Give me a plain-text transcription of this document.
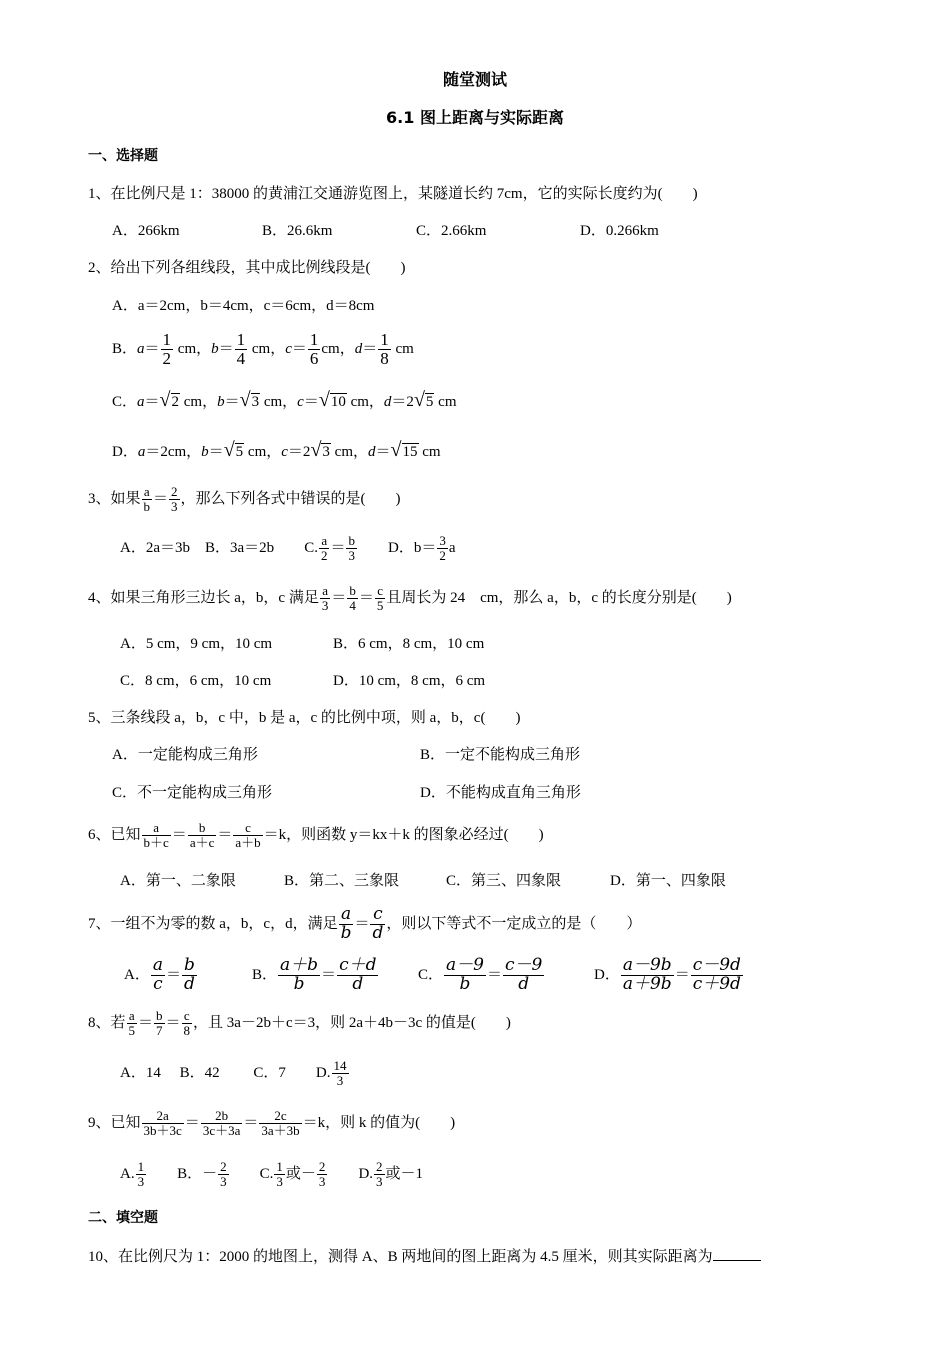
随堂测试
6.1 图上距离与实际距离
一、选择题
1、在比例尺是 1：38000 的黄浦江交通游览图上，某隧道长约 7cm，它的实际长度约为(　　)
A．266km	B．26.6km	C．2.66km	D．0.266km
2、给出下列各组线段，其中成比例线段是(　　)
A．a＝2cm，b＝4cm，c＝6cm，d＝8cm
B．$a= \frac{1}{2}$ cm，$b= \frac{1}{4}$ cm，$c= \frac{1}{6}$ cm，$d= \frac{1}{8}$ cm
C．a＝√2 cm，b＝√3 cm，c＝√10 cm，d＝2√5 cm
D．a＝2cm，b＝√5 cm，c＝2√3 cm，d＝√15 cm
3、如果 $\frac{a}{b} = \frac{2}{3}$ ，那么下列各式中错误的是(　　)
A．2a＝3b　 B．3a＝2b　　 C. $\frac{a}{2} = \frac{b}{3}$
　　 D．$b= \frac{3}{2}$ a
4、如果三角形三边长 a，b，c 满足 $\frac{a}{3} = \frac{b}{4} = \frac{c}{5}$ 且周长为 24　cm，那么 a，b，c 的长度分别是(　　)
A．5 cm，9 cm，10 cm	B．6 cm，8 cm，10 cm
C．8 cm，6 cm，10 cm	D．10 cm，8 cm，6 cm
5、三条线段 a，b，c 中，b 是 a，c 的比例中项，则 a，b，c(　　)
A．一定能构成三角形	B．一定不能构成三角形
C．不一定能构成三角形	D．不能构成直角三角形
6、已知 $\frac{a}{b+c} = \frac{b}{a+c} = \frac{c}{a+b} =k$，则函数 y＝kx＋k 的图象必经过(　　)
A．第一、二象限	B．第二、三象限	C．第三、四象限	D．第一、四象限
7、一组不为零的数 a，b，c，d，满足 $\frac{a}{b} = \frac{c}{d}$ ，则以下等式不一定成立的是（　　）
A． $\frac{a}{c} = \frac{b}{d}$	B． $\frac{a+b}{b} = \frac{c+d}{d}$	C． $\frac{a-9}{b} = \frac{c-9}{d}$	D． $\frac{a-9b}{a+9b} = \frac{c-9d}{c+9d}$
8、若 $\frac{a}{5} = \frac{b}{7} = \frac{c}{8}$ ，且 3a－2b＋c＝3，则 2a＋4b－3c 的值是(　　)
A．14　 B．42　　 C．7　　 D. $\frac{14}{3}$
9、已知 $\frac{2a}{3b+3c} = \frac{2b}{3c+3a} = \frac{2c}{3a+3b} =k$，则 k 的值为(　　)
A. $\frac{1}{3}$
　　 B．－ $\frac{2}{3}$
　　 C. $\frac{1}{3}$ 或－ $\frac{2}{3}$
　　 D. $\frac{2}{3}$ 或－1
二、填空题
10、在比例尺为 1：2000 的地图上，测得 A、B 两地间的图上距离为 4.5 厘米，则其实际距离为
